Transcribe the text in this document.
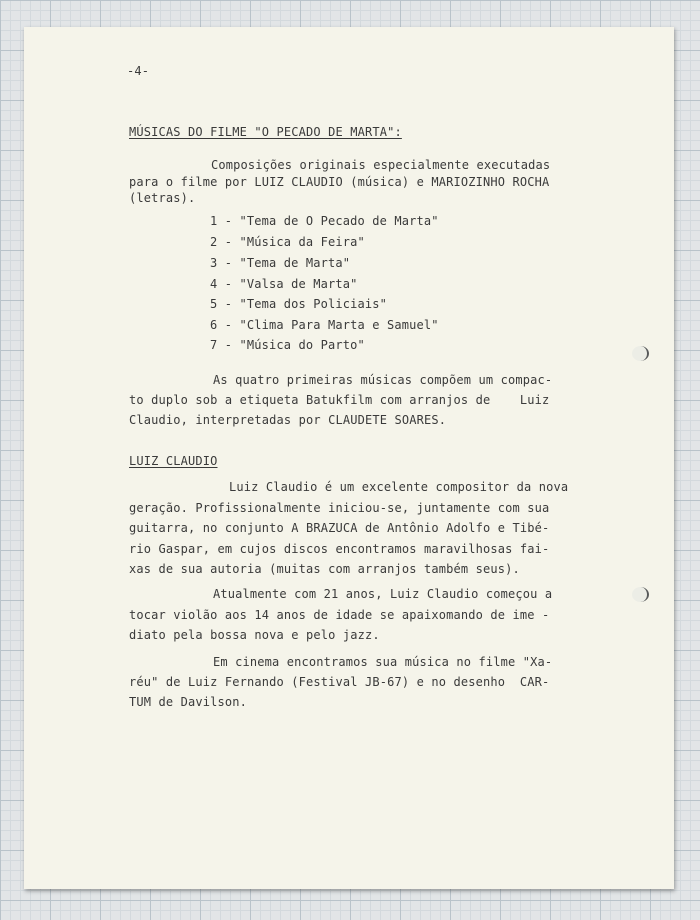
-4-

MÚSICAS DO FILME "O PECADO DE MARTA":

Composições originais especialmente executadas

para o filme por LUIZ CLAUDIO (música) e MARIOZINHO ROCHA

(letras).

1 - "Tema de O Pecado de Marta"

2 - "Música da Feira"

3 - "Tema de Marta"

4 - "Valsa de Marta"

5 - "Tema dos Policiais"

6 - "Clima Para Marta e Samuel"

7 - "Música do Parto"

As quatro primeiras músicas compõem um compac-

to duplo sob a etiqueta Batukfilm com arranjos de    Luiz

Claudio, interpretadas por CLAUDETE SOARES.

LUIZ CLAUDIO

Luiz Claudio é um excelente compositor da nova

geração. Profissionalmente iniciou-se, juntamente com sua

guitarra, no conjunto A BRAZUCA de Antônio Adolfo e Tibé-

rio Gaspar, em cujos discos encontramos maravilhosas fai-

xas de sua autoria (muitas com arranjos também seus).

Atualmente com 21 anos, Luiz Claudio começou a

tocar violão aos 14 anos de idade se apaixomando de ime -

diato pela bossa nova e pelo jazz.

Em cinema encontramos sua música no filme "Xa-

réu" de Luiz Fernando (Festival JB-67) e no desenho  CAR-

TUM de Davilson.
